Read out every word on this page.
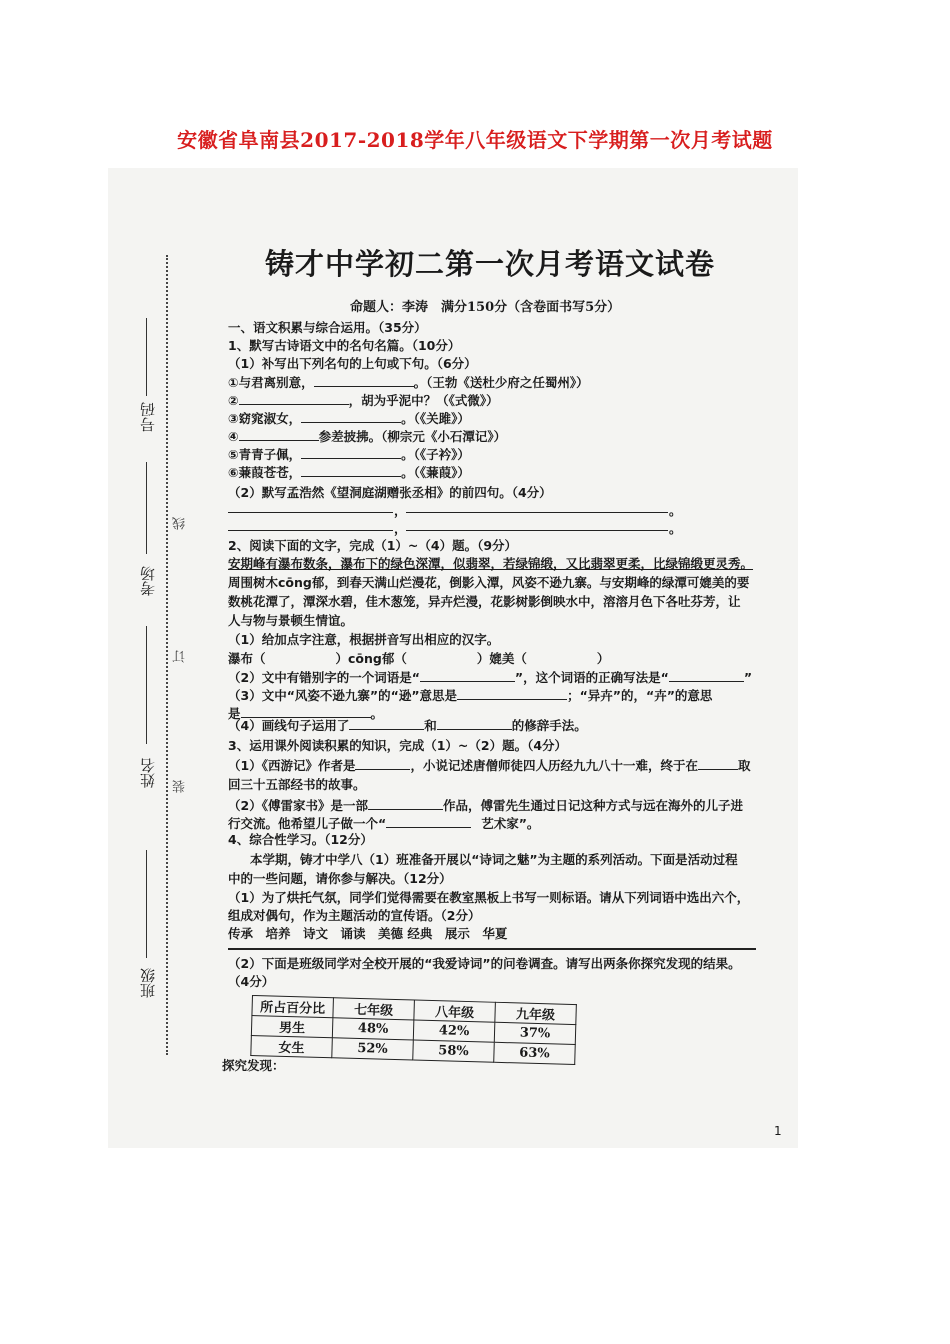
安徽省阜南县2017-2018学年八年级语文下学期第一次月考试题
号码
考场
姓名
班级
线
订
装
铸才中学初二第一次月考语文试卷
命题人：李涛　满分150分（含卷面书写5分）
一、语文积累与综合运用。（35分）
1、默写古诗语文中的名句名篇。（10分）
（1）补写出下列名句的上句或下句。（6分）
①与君离别意，	。（王勃《送杜少府之任蜀州》）
②	，胡为乎泥中？（《式微》）
③窈窕淑女，	。（《关雎》）
④	参差披拂。（柳宗元《小石潭记》）
⑤青青子佩，	。（《子衿》）
⑥蒹葭苍苍，	。（《蒹葭》）
（2）默写孟浩然《望洞庭湖赠张丞相》的前四句。（4分）
，	。
，	。
2、阅读下面的文字，完成（1）~（4）题。（9分）
安期峰有瀑布数条，瀑布下的绿色深潭，似翡翠，若绿锦缎，又比翡翠更柔，比绿锦缎更灵秀。
周围树木cōng郁，到春天满山烂漫花，倒影入潭，风姿不逊九寨。与安期峰的绿潭可媲美的要
数桃花潭了，潭深水碧，佳木葱笼，异卉烂漫，花影树影倒映水中，溶溶月色下各吐芬芳，让
人与物与景顿生情谊。
（1）给加点字注意，根据拼音写出相应的汉字。
瀑布（	）cōng郁（	）媲美（	）
（2）文中有错别字的一个词语是“	”，这个词语的正确写法是“	”
（3）文中“风姿不逊九寨”的“逊”意思是	；“异卉”的，“卉”的意思
是	。
（4）画线句子运用了	和	的修辞手法。
3、运用课外阅读积累的知识，完成（1）~（2）题。（4分）
（1）《西游记》作者是	，小说记述唐僧师徒四人历经九九八十一难，终于在	取
回三十五部经书的故事。
（2）《傅雷家书》是一部	作品，傅雷先生通过日记这种方式与远在海外的儿子进
行交流。他希望儿子做一个“	艺术家”。
4、综合性学习。（12分）
本学期，铸才中学八（1）班准备开展以“诗词之魅”为主题的系列活动。下面是活动过程
中的一些问题，请你参与解决。（12分）
（1）为了烘托气氛，同学们觉得需要在教室黑板上书写一则标语。请从下列词语中选出六个，
组成对偶句，作为主题活动的宣传语。（2分）
传承　培养　诗文　诵读　美德 经典　展示　华夏
（2）下面是班级同学对全校开展的“我爱诗词”的问卷调查。请写出两条你探究发现的结果。
（4分）
所占百分比	七年级	八年级	九年级
男生	48%	42%	37%
女生	52%	58%	63%
探究发现：
1
